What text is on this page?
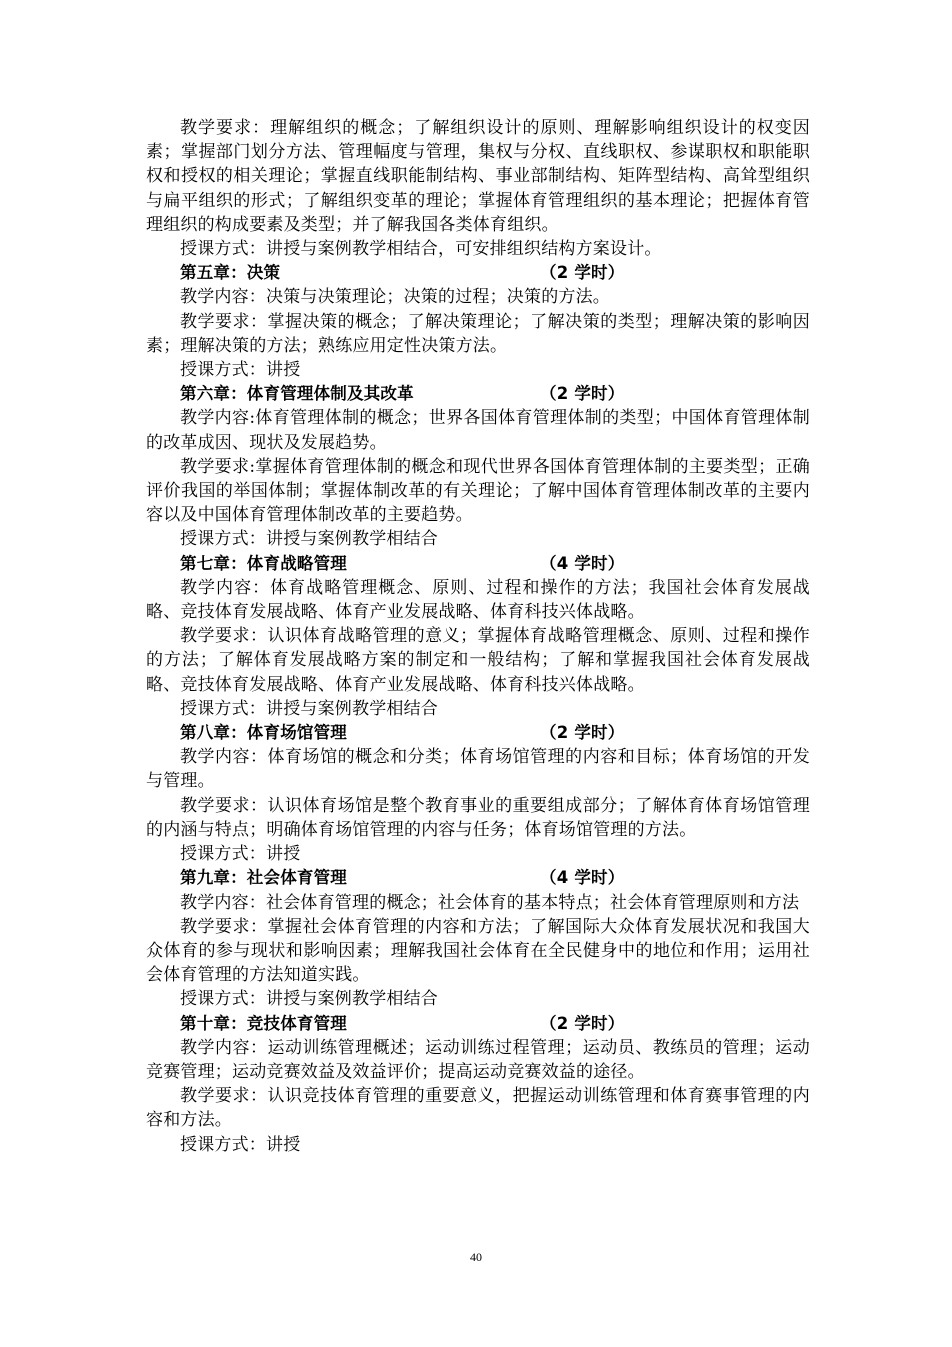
教学要求：理解组织的概念；了解组织设计的原则、理解影响组织设计的权变因素；掌握部门划分方法、管理幅度与管理，集权与分权、直线职权、参谋职权和职能职权和授权的相关理论；掌握直线职能制结构、事业部制结构、矩阵型结构、高耸型组织与扁平组织的形式；了解组织变革的理论；掌握体育管理组织的基本理论；把握体育管理组织的构成要素及类型；并了解我国各类体育组织。

授课方式：讲授与案例教学相结合，可安排组织结构方案设计。

第五章：决策	（2 学时）

教学内容：决策与决策理论；决策的过程；决策的方法。

教学要求：掌握决策的概念；了解决策理论；了解决策的类型；理解决策的影响因素；理解决策的方法；熟练应用定性决策方法。

授课方式：讲授

第六章：体育管理体制及其改革	（2 学时）

教学内容:体育管理体制的概念；世界各国体育管理体制的类型；中国体育管理体制的改革成因、现状及发展趋势。

教学要求:掌握体育管理体制的概念和现代世界各国体育管理体制的主要类型；正确评价我国的举国体制；掌握体制改革的有关理论；了解中国体育管理体制改革的主要内容以及中国体育管理体制改革的主要趋势。

授课方式：讲授与案例教学相结合

第七章：体育战略管理	（4 学时）

教学内容：体育战略管理概念、原则、过程和操作的方法；我国社会体育发展战略、竞技体育发展战略、体育产业发展战略、体育科技兴体战略。

教学要求：认识体育战略管理的意义；掌握体育战略管理概念、原则、过程和操作的方法；了解体育发展战略方案的制定和一般结构；了解和掌握我国社会体育发展战略、竞技体育发展战略、体育产业发展战略、体育科技兴体战略。

授课方式：讲授与案例教学相结合

第八章：体育场馆管理	（2 学时）

教学内容：体育场馆的概念和分类；体育场馆管理的内容和目标；体育场馆的开发与管理。

教学要求：认识体育场馆是整个教育事业的重要组成部分；了解体育体育场馆管理的内涵与特点；明确体育场馆管理的内容与任务；体育场馆管理的方法。

授课方式：讲授

第九章：社会体育管理	（4 学时）

教学内容：社会体育管理的概念；社会体育的基本特点；社会体育管理原则和方法

教学要求：掌握社会体育管理的内容和方法；了解国际大众体育发展状况和我国大众体育的参与现状和影响因素；理解我国社会体育在全民健身中的地位和作用；运用社会体育管理的方法知道实践。

授课方式：讲授与案例教学相结合

第十章：竞技体育管理	（2 学时）

教学内容：运动训练管理概述；运动训练过程管理；运动员、教练员的管理；运动竞赛管理；运动竞赛效益及效益评价；提高运动竞赛效益的途径。

教学要求：认识竞技体育管理的重要意义，把握运动训练管理和体育赛事管理的内容和方法。

授课方式：讲授

40
